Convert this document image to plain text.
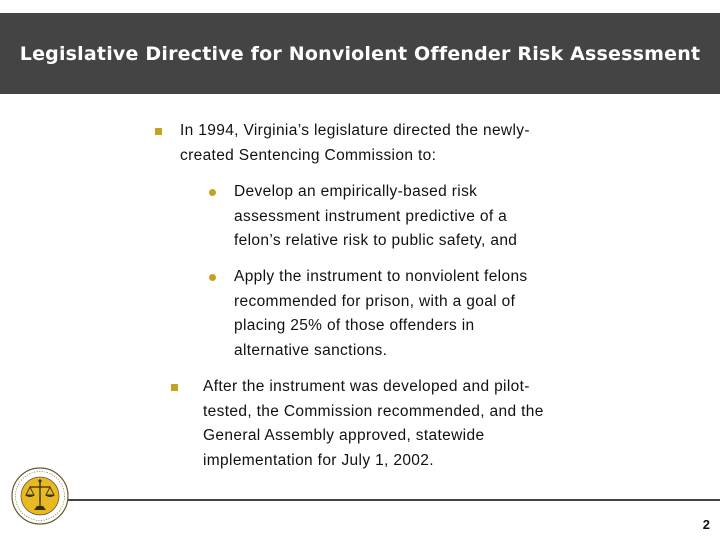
Legislative Directive for Nonviolent Offender Risk Assessment

In 1994, Virginia’s legislature directed the newly-
created Sentencing Commission to:

Develop an empirically-based risk
assessment instrument predictive of a
felon’s relative risk to public safety, and

Apply the instrument to nonviolent felons
recommended for prison, with a goal of
placing 25% of those offenders in
alternative sanctions.

After the instrument was developed and pilot-
tested, the Commission recommended, and the
General Assembly approved, statewide
implementation for July 1, 2002.

2
